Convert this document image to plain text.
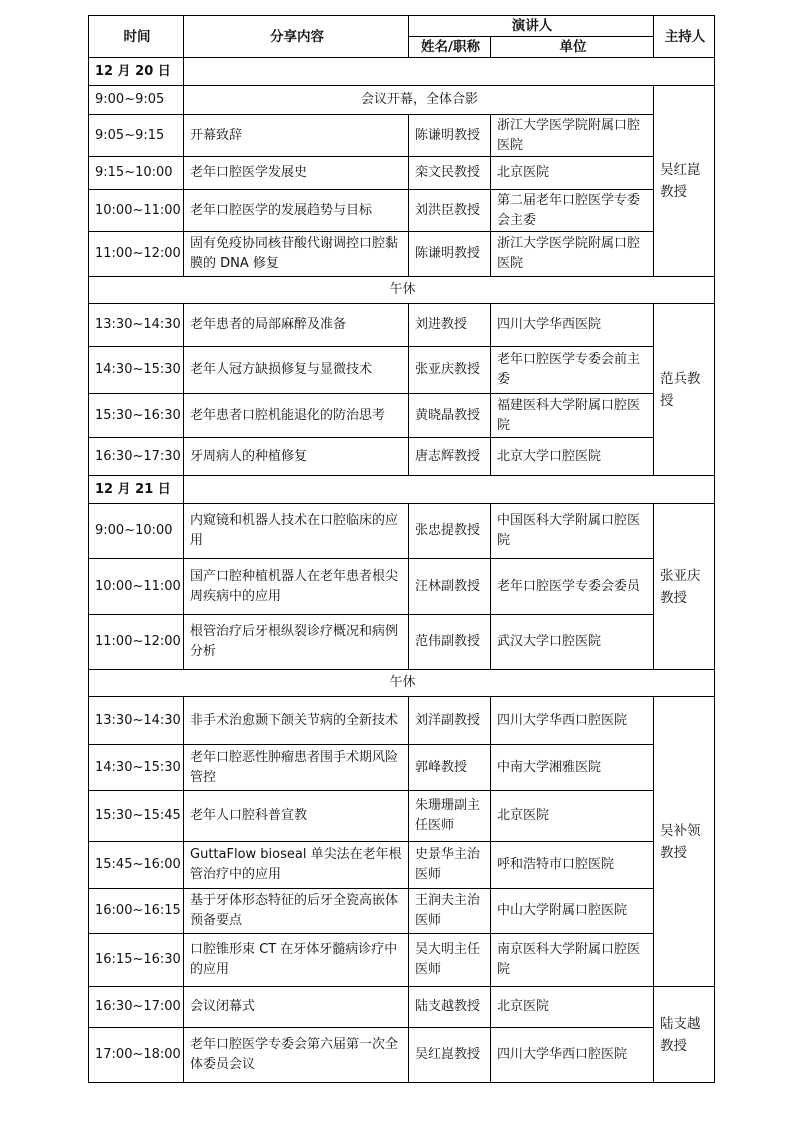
时间	分享内容	演讲人		主持人
		姓名/职称	单位	
12 月 20 日				
9:00~9:05	会议开幕，全体合影			吴红崑教授
9:05~9:15	开幕致辞	陈谦明教授	浙江大学医学院附属口腔医院	
9:15~10:00	老年口腔医学发展史	栾文民教授	北京医院	
10:00~11:00	老年口腔医学的发展趋势与目标	刘洪臣教授	第二届老年口腔医学专委会主委	
11:00~12:00	固有免疫协同核苷酸代谢调控口腔黏膜的 DNA 修复	陈谦明教授	浙江大学医学院附属口腔医院	
午休				
13:30~14:30	老年患者的局部麻醉及准备	刘进教授	四川大学华西医院	范兵教授
14:30~15:30	老年人冠方缺损修复与显微技术	张亚庆教授	老年口腔医学专委会前主委	
15:30~16:30	老年患者口腔机能退化的防治思考	黄晓晶教授	福建医科大学附属口腔医院	
16:30~17:30	牙周病人的种植修复	唐志辉教授	北京大学口腔医院	
12 月 21 日				
9:00~10:00	内窥镜和机器人技术在口腔临床的应用	张忠提教授	中国医科大学附属口腔医院	张亚庆教授
10:00~11:00	国产口腔种植机器人在老年患者根尖周疾病中的应用	汪林副教授	老年口腔医学专委会委员	
11:00~12:00	根管治疗后牙根纵裂诊疗概况和病例分析	范伟副教授	武汉大学口腔医院	
午休				
13:30~14:30	非手术治愈颞下颌关节病的全新技术	刘洋副教授	四川大学华西口腔医院	吴补领教授
14:30~15:30	老年口腔恶性肿瘤患者围手术期风险管控	郭峰教授	中南大学湘雅医院	
15:30~15:45	老年人口腔科普宣教	朱珊珊副主任医师	北京医院	
15:45~16:00	GuttaFlow bioseal 单尖法在老年根管治疗中的应用	史景华主治医师	呼和浩特市口腔医院	
16:00~16:15	基于牙体形态特征的后牙全瓷高嵌体预备要点	王润夫主治医师	中山大学附属口腔医院	
16:15~16:30	口腔锥形束 CT 在牙体牙髓病诊疗中的应用	吴大明主任医师	南京医科大学附属口腔医院	
16:30~17:00	会议闭幕式	陆支越教授	北京医院	陆支越教授
17:00~18:00	老年口腔医学专委会第六届第一次全体委员会议	吴红崑教授	四川大学华西口腔医院	
